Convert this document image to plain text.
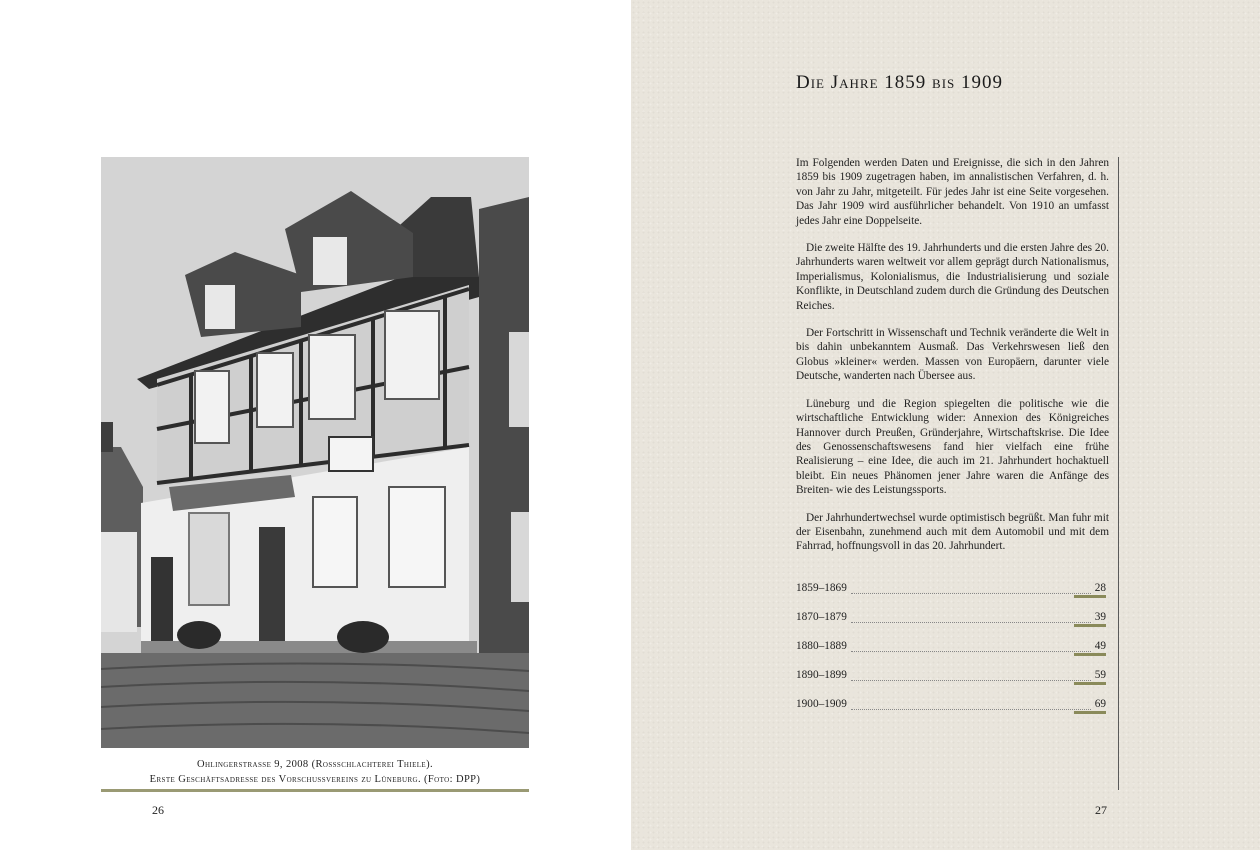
Ohlingerstrasse 9, 2008 (Rossschlachterei Thiele).
Erste Geschäftsadresse des Vorschussvereins zu Lüneburg. (Foto: DPP)
26
Die Jahre 1859 bis 1909

Im Folgenden werden Daten und Ereignisse, die sich in den Jahren 1859 bis 1909 zugetragen haben, im annalistischen Verfahren, d. h. von Jahr zu Jahr, mitgeteilt. Für jedes Jahr ist eine Seite vorgesehen. Das Jahr 1909 wird ausführlicher behandelt. Von 1910 an umfasst jedes Jahr eine Doppelseite.

Die zweite Hälfte des 19. Jahrhunderts und die ersten Jahre des 20. Jahrhunderts waren weltweit vor allem geprägt durch Nationalismus, Imperialismus, Kolonialismus, die Industrialisierung und soziale Konflikte, in Deutschland zudem durch die Gründung des Deutschen Reiches.

Der Fortschritt in Wissenschaft und Technik veränderte die Welt in bis dahin unbekanntem Ausmaß. Das Verkehrswesen ließ den Globus »kleiner« werden. Massen von Europäern, darunter viele Deutsche, wanderten nach Übersee aus.

Lüneburg und die Region spiegelten die politische wie die wirtschaftliche Entwicklung wider: Annexion des Königreiches Hannover durch Preußen, Gründerjahre, Wirtschaftskrise. Die Idee des Genossenschaftswesens fand hier vielfach eine frühe Realisierung – eine Idee, die auch im 21. Jahrhundert hochaktuell bleibt. Ein neues Phänomen jener Jahre waren die Anfänge des Breiten- wie des Leistungssports.

Der Jahrhundertwechsel wurde optimistisch begrüßt. Man fuhr mit der Eisenbahn, zunehmend auch mit dem Automobil und mit dem Fahrrad, hoffnungsvoll in das 20. Jahrhundert.

1859–1869	28
1870–1879	39
1880–1889	49
1890–1899	59
1900–1909	69
27
